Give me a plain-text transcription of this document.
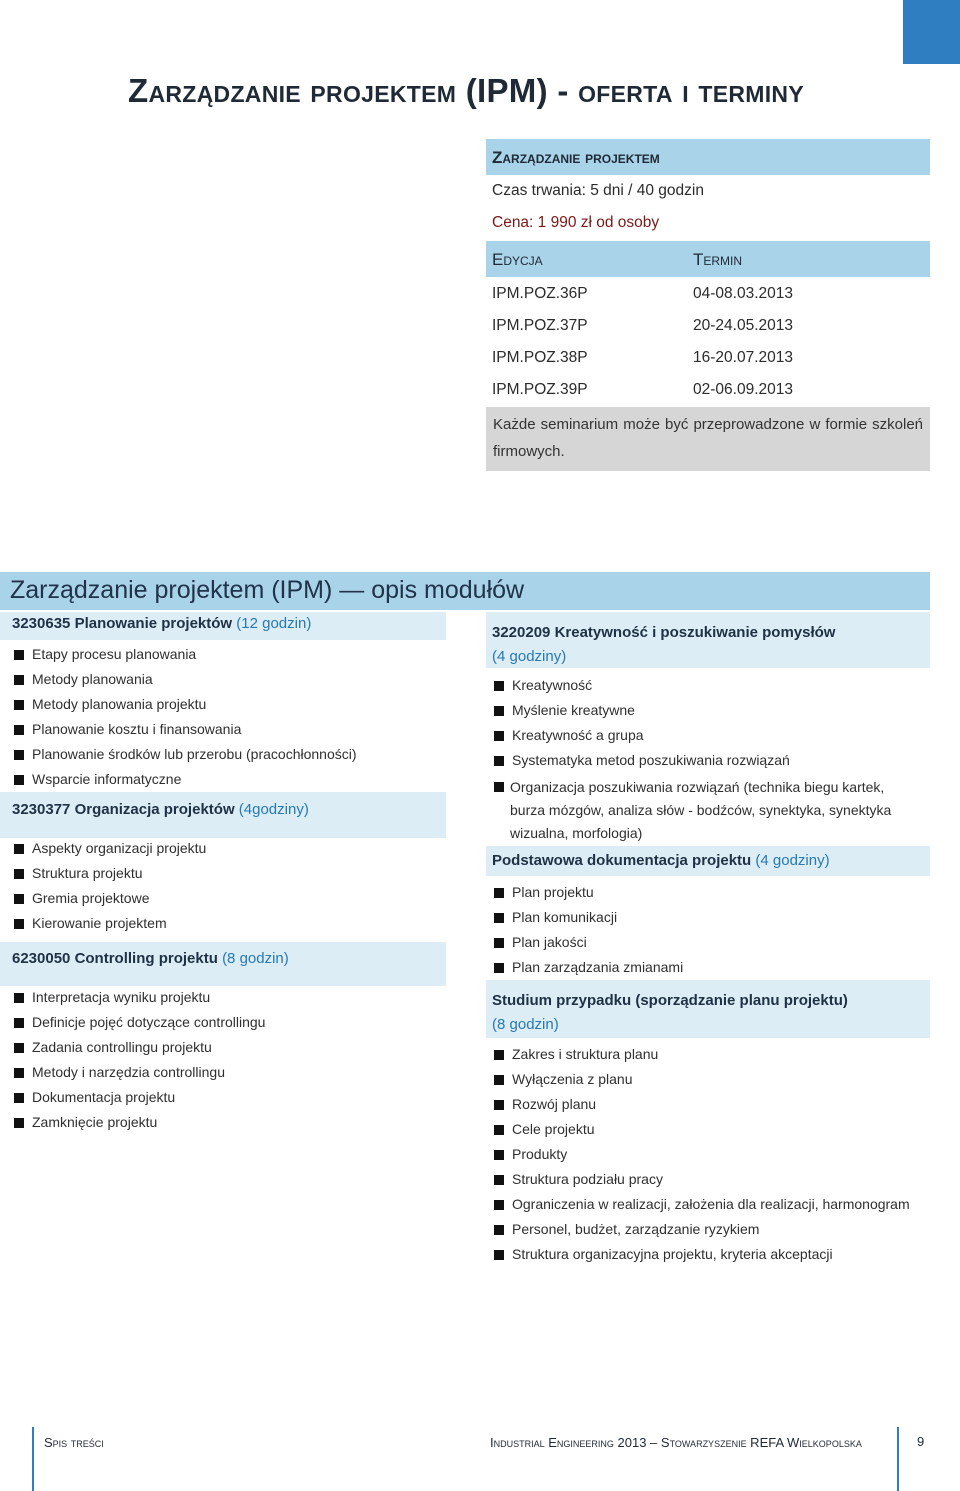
Zarządzanie projektem (IPM) - oferta i terminy
Zarządzanie projektem
Czas trwania: 5 dni / 40 godzin
Cena: 1 990 zł od osoby
Edycja	Termin
IPM.POZ.36P	04-08.03.2013
IPM.POZ.37P	20-24.05.2013
IPM.POZ.38P	16-20.07.2013
IPM.POZ.39P	02-06.09.2013
Każde seminarium może być przeprowadzone w formie szkoleń firmowych.
Zarządzanie projektem (IPM) — opis modułów
3230635 Planowanie projektów (12 godzin)
Etapy procesu planowania
Metody planowania
Metody planowania projektu
Planowanie kosztu i finansowania
Planowanie środków lub przerobu (pracochłonności)
Wsparcie informatyczne
3230377 Organizacja projektów (4godziny)
Aspekty organizacji projektu
Struktura projektu
Gremia projektowe
Kierowanie projektem
6230050 Controlling projektu (8 godzin)
Interpretacja wyniku projektu
Definicje pojęć dotyczące controllingu
Zadania controllingu projektu
Metody i narzędzia controllingu
Dokumentacja projektu
Zamknięcie projektu
3220209 Kreatywność i poszukiwanie pomysłów
(4 godziny)
Kreatywność
Myślenie kreatywne
Kreatywność a grupa
Systematyka metod poszukiwania rozwiązań
Organizacja poszukiwania rozwiązań (technika biegu kartek, burza mózgów, analiza słów - bodźców, synektyka, synektyka wizualna, morfologia)
Podstawowa dokumentacja projektu (4 godziny)
Plan projektu
Plan komunikacji
Plan jakości
Plan zarządzania zmianami
Studium przypadku (sporządzanie planu projektu)
(8 godzin)
Zakres i struktura planu
Wyłączenia z planu
Rozwój planu
Cele projektu
Produkty
Struktura podziału pracy
Ograniczenia w realizacji, założenia dla realizacji, harmonogram
Personel, budżet, zarządzanie ryzykiem
Struktura organizacyjna projektu, kryteria akceptacji
Spis treści	Industrial Engineering 2013 – Stowarzyszenie REFA Wielkopolska	9
